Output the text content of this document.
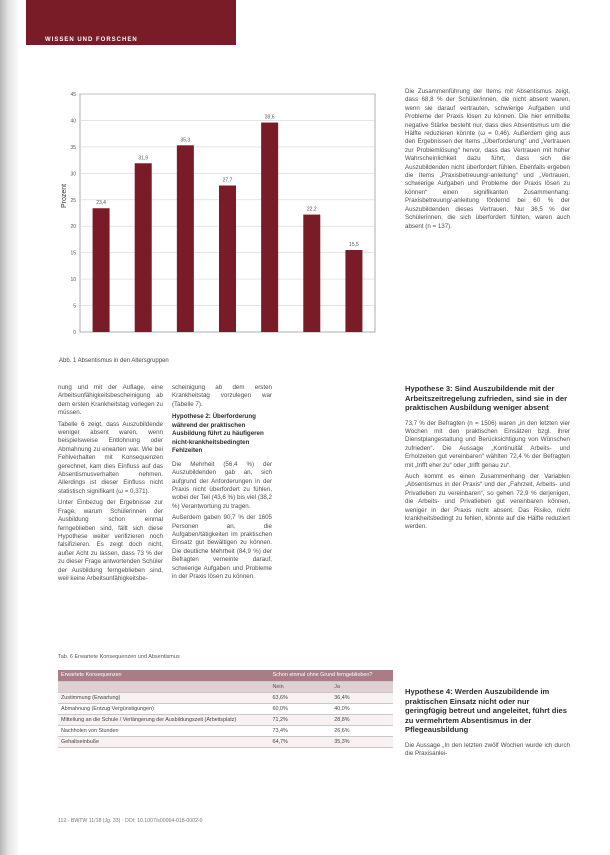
WISSEN UND FORSCHEN
Prozent
0
5
10
15
20
25
30
35
40
45
23,4
31,9
35,3
27,7
39,6
22,2
15,5
Abb. 1 Absentismus in den Altersgruppen

nung und mit der Auflage, eine Arbeitsunfähigkeitsbescheinigung ab dem ersten Krankheitstag vorlegen zu müssen.

Tabelle 6 zeigt, dass Auszubildende weniger absent waren, wenn beispielsweise Entlohnung oder Abmahnung zu erwarten war. Wie bei Fehlverhalten mit Konsequenzen gerechnet, kam dies Einfluss auf das Absentismusverhalten nehmen. Allerdings ist dieser Einfluss nicht statistisch signifikant (ω = 0,371).

Unter Einbezug der Ergebnisse zur Frage, warum Schülerinnen der Ausbildung schon einmal ferngeblieben sind, fällt sich diese Hypothese weiter verifizieren noch falsifizieren. Es zeigt doch nicht, außer Acht zu lassen, dass 73 % der zu dieser Frage antwortenden Schüler der Ausbildung ferngeblieben sind, weil keine Arbeitsunfähigkeitsbe-

scheinigung ab dem ersten Krankheitstag vorzulegen war (Tabelle 7).

Hypothese 2: Überforderung während der praktischen Ausbildung führt zu häufigeren nicht-krankheitsbedingten Fehlzeiten

Die Mehrheit (56,4 %) der Auszubildenden gab an, sich aufgrund der Anforderungen in der Praxis nicht überfordert zu fühlen, wobei der Teil (43,6 %) bis viel (38,2 %) Verantwortung zu tragen.

Außerdem gaben 90,7 % der 1605 Personen an, die Aufgaben/tätigkeiten im praktischen Einsatz gut bewältigen zu können. Die deutliche Mehrheit (84,9 %) der Befragten verneinte darauf, schwierige Aufgaben und Probleme in der Praxis lösen zu können.

Die Zusammenführung der Items mit Absentismus zeigt, dass 68,8 % der Schüler/innen, die nicht absent waren, wenn sie darauf vertrauten, schwierige Aufgaben und Probleme der Praxis lösen zu können. Die hier ermittelte negative Stärke besteht nur, dass dies Absentismus um die Hälfte reduzieren könnte (ω = 0,46). Außerdem ging aus den Ergebnissen der Items „Überforderung“ und „Vertrauen zur Problemlösung“ hervor, dass das Vertrauen mit hoher Wahrscheinlichkeit dazu führt, dass sich die Auszubildenden nicht überfordert fühlen. Ebenfalls ergeben die Items „Praxisbetreuung/-anleitung“ und „Vertrauen, schwierige Aufgaben und Probleme der Praxis lösen zu können“ einen signifikanten Zusammenhang: Praxisbetreuung/-anleitung fördernd bei 60 % der Auszubildenden dieses Vertrauen. Nur 36,5 % der Schülerinnen, die sich überfordert fühlten, waren auch absent (n = 137).

Hypothese 3: Sind Auszubildende mit der Arbeitszeitregelung zufrieden, sind sie in der praktischen Ausbildung weniger absent

73,7 % der Befragten (n = 1506) waren „in den letzten vier Wochen mit den praktischen Einsätzen bzgl. ihrer Dienstplangestaltung und Berücksichtigung von Wünschen zufrieden“. Die Aussage „Kontinuität Arbeits- und Erholzeiten gut vereinbaren“ wählten 72,4 % der Befragten mit „trifft eher zu“ oder „trifft genau zu“.

Auch kommt es einen Zusammenhang der Variablen „Absentismus in der Praxis“ und der „Fahrzeit, Arbeits- und Privatleben zu vereinbaren“, so gehen 72,9 % derjenigen, die Arbeits- und Privatleben gut vereinbaren können, weniger in der Praxis nicht absent. Das Risiko, nicht krankheitsbedingt zu fehlen, könnte auf die Hälfte reduziert werden.

Hypothese 4: Werden Auszubildende im praktischen Einsatz nicht oder nur geringfügig betreut und angeleitet, führt dies zu vermehrtem Absentismus in der Pflegeausbildung

Die Aussage „In den letzten zwölf Wochen wurde ich durch die Praxisanlei-

Tab. 6 Erwartete Konsequenzen und Absentismus
Erwartete Konsequenzen	Schon einmal ohne Grund ferngeblieben?	
	Nein	Ja
Zustimmung (Erwartung)	63,6%	36,4%
Abmahnung (Entzug Vergünstigungen)	60,0%	40,0%
Mitteilung an die Schule / Verlängerung der Ausbildungszeit (Arbeitsplatz)	71,2%	28,8%
Nachholen von Stunden	73,4%	26,6%
Gehaltseinbuße	64,7%	35,3%
112 · BWTW 11/18 (Jg. 33) · DOI: 10.1007/s00064-018-0002-0
